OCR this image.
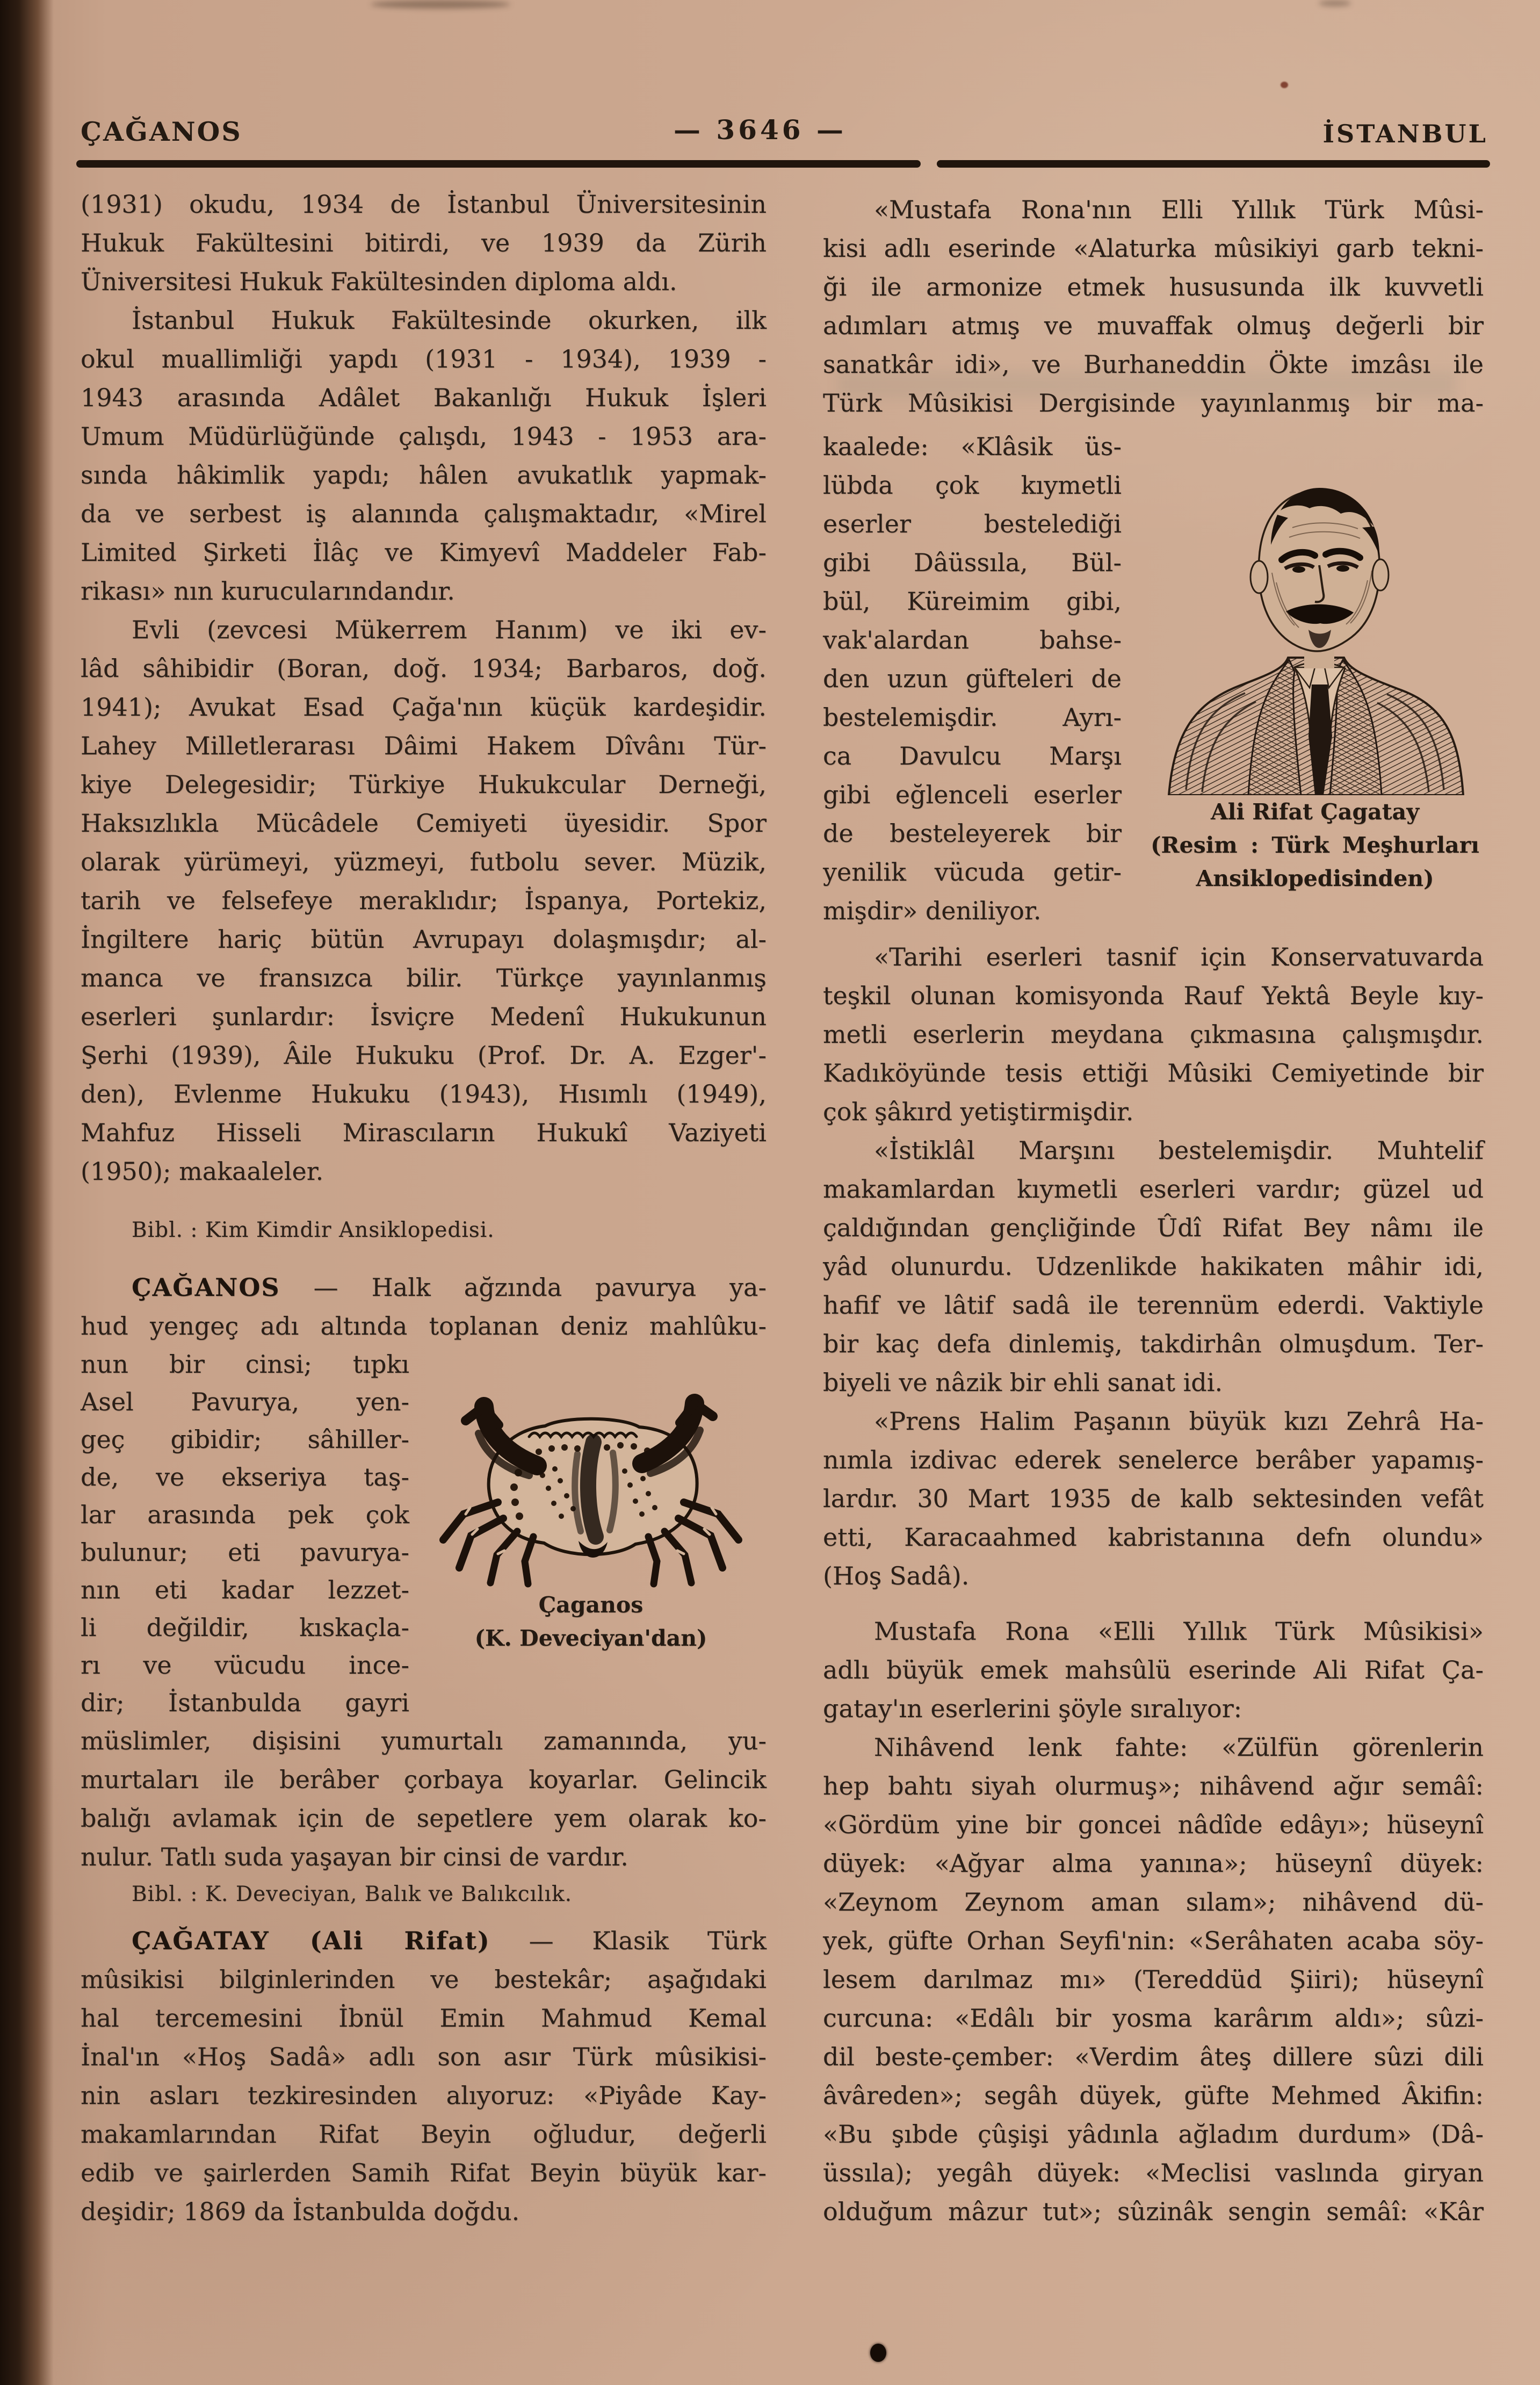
ÇAĞANOS	— 3646 —	İSTANBUL
(1931) okudu, 1934 de İstanbul Üniversitesinin
Hukuk Fakültesini bitirdi, ve 1939 da Zürih
Üniversitesi Hukuk Fakültesinden diploma aldı.
İstanbul Hukuk Fakültesinde okurken, ilk
okul muallimliği yapdı (1931 - 1934), 1939 -
1943 arasında Adâlet Bakanlığı Hukuk İşleri
Umum Müdürlüğünde çalışdı, 1943 - 1953 ara-
sında hâkimlik yapdı; hâlen avukatlık yapmak-
da ve serbest iş alanında çalışmaktadır, «Mirel
Limited Şirketi İlâç ve Kimyevî Maddeler Fab-
rikası» nın kurucularındandır.
Evli (zevcesi Mükerrem Hanım) ve iki ev-
lâd sâhibidir (Boran, doğ. 1934; Barbaros, doğ.
1941); Avukat Esad Çağa'nın küçük kardeşidir.
Lahey Milletlerarası Dâimi Hakem Dîvânı Tür-
kiye Delegesidir; Türkiye Hukukcular Derneği,
Haksızlıkla Mücâdele Cemiyeti üyesidir. Spor
olarak yürümeyi, yüzmeyi, futbolu sever. Müzik,
tarih ve felsefeye meraklıdır; İspanya, Portekiz,
İngiltere hariç bütün Avrupayı dolaşmışdır; al-
manca ve fransızca bilir. Türkçe yayınlanmış
eserleri şunlardır: İsviçre Medenî Hukukunun
Şerhi (1939), Âile Hukuku (Prof. Dr. A. Ezger'-
den), Evlenme Hukuku (1943), Hısımlı (1949),
Mahfuz Hisseli Mirascıların Hukukî Vaziyeti
(1950); makaaleler.
Bibl. : Kim Kimdir Ansiklopedisi.
ÇAĞANOS — Halk ağzında pavurya ya-
hud yengeç adı altında toplanan deniz mahlûku-
nun bir cinsi; tıpkı
Asel Pavurya, yen-
geç gibidir; sâhiller-
de, ve ekseriya taş-
lar arasında pek çok
bulunur; eti pavurya-
nın eti kadar lezzet-
li değildir, kıskaçla-
rı ve vücudu ince-
dir; İstanbulda gayri
müslimler, dişisini yumurtalı zamanında, yu-
murtaları ile berâber çorbaya koyarlar. Gelincik
balığı avlamak için de sepetlere yem olarak ko-
nulur. Tatlı suda yaşayan bir cinsi de vardır.
Bibl. : K. Deveciyan, Balık ve Balıkcılık.
ÇAĞATAY (Ali Rifat) — Klasik Türk
mûsikisi bilginlerinden ve bestekâr; aşağıdaki
hal tercemesini İbnül Emin Mahmud Kemal
İnal'ın «Hoş Sadâ» adlı son asır Türk mûsikisi-
nin asları tezkiresinden alıyoruz: «Piyâde Kay-
makamlarından Rifat Beyin oğludur, değerli
edib ve şairlerden Samih Rifat Beyin büyük kar-
deşidir; 1869 da İstanbulda doğdu.
Çaganos
(K. Deveciyan'dan)
«Mustafa Rona'nın Elli Yıllık Türk Mûsi-
kisi adlı eserinde «Alaturka mûsikiyi garb tekni-
ği ile armonize etmek hususunda ilk kuvvetli
adımları atmış ve muvaffak olmuş değerli bir
sanatkâr idi», ve Burhaneddin Ökte imzâsı ile
Türk Mûsikisi Dergisinde yayınlanmış bir ma-
kaalede: «Klâsik üs-
lübda çok kıymetli
eserler bestelediği
gibi Dâüssıla, Bül-
bül, Küreimim gibi,
vak'alardan bahse-
den uzun güfteleri de
bestelemişdir. Ayrı-
ca Davulcu Marşı
gibi eğlenceli eserler
de besteleyerek bir
yenilik vücuda getir-
mişdir» deniliyor.
«Tarihi eserleri tasnif için Konservatuvarda
teşkil olunan komisyonda Rauf Yektâ Beyle kıy-
metli eserlerin meydana çıkmasına çalışmışdır.
Kadıköyünde tesis ettiği Mûsiki Cemiyetinde bir
çok şâkırd yetiştirmişdir.
«İstiklâl Marşını bestelemişdir. Muhtelif
makamlardan kıymetli eserleri vardır; güzel ud
çaldığından gençliğinde Ûdî Rifat Bey nâmı ile
yâd olunurdu. Udzenlikde hakikaten mâhir idi,
hafif ve lâtif sadâ ile terennüm ederdi. Vaktiyle
bir kaç defa dinlemiş, takdirhân olmuşdum. Ter-
biyeli ve nâzik bir ehli sanat idi.
«Prens Halim Paşanın büyük kızı Zehrâ Ha-
nımla izdivac ederek senelerce berâber yapamış-
lardır. 30 Mart 1935 de kalb sektesinden vefât
etti, Karacaahmed kabristanına defn olundu»
(Hoş Sadâ).
Mustafa Rona «Elli Yıllık Türk Mûsikisi»
adlı büyük emek mahsûlü eserinde Ali Rifat Ça-
gatay'ın eserlerini şöyle sıralıyor:
Nihâvend lenk fahte: «Zülfün görenlerin
hep bahtı siyah olurmuş»; nihâvend ağır semâî:
«Gördüm yine bir goncei nâdîde edâyı»; hüseynî
düyek: «Ağyar alma yanına»; hüseynî düyek:
«Zeynom Zeynom aman sılam»; nihâvend dü-
yek, güfte Orhan Seyfi'nin: «Serâhaten acaba söy-
lesem darılmaz mı» (Tereddüd Şiiri); hüseynî
curcuna: «Edâlı bir yosma karârım aldı»; sûzi-
dil beste-çember: «Verdim âteş dillere sûzi dili
âvâreden»; segâh düyek, güfte Mehmed Âkifin:
«Bu şıbde çûşişi yâdınla ağladım durdum» (Dâ-
üssıla); yegâh düyek: «Meclisi vaslında giryan
olduğum mâzur tut»; sûzinâk sengin semâî: «Kâr
Ali Rifat Çagatay
(Resim : Türk Meşhurları
Ansiklopedisinden)
